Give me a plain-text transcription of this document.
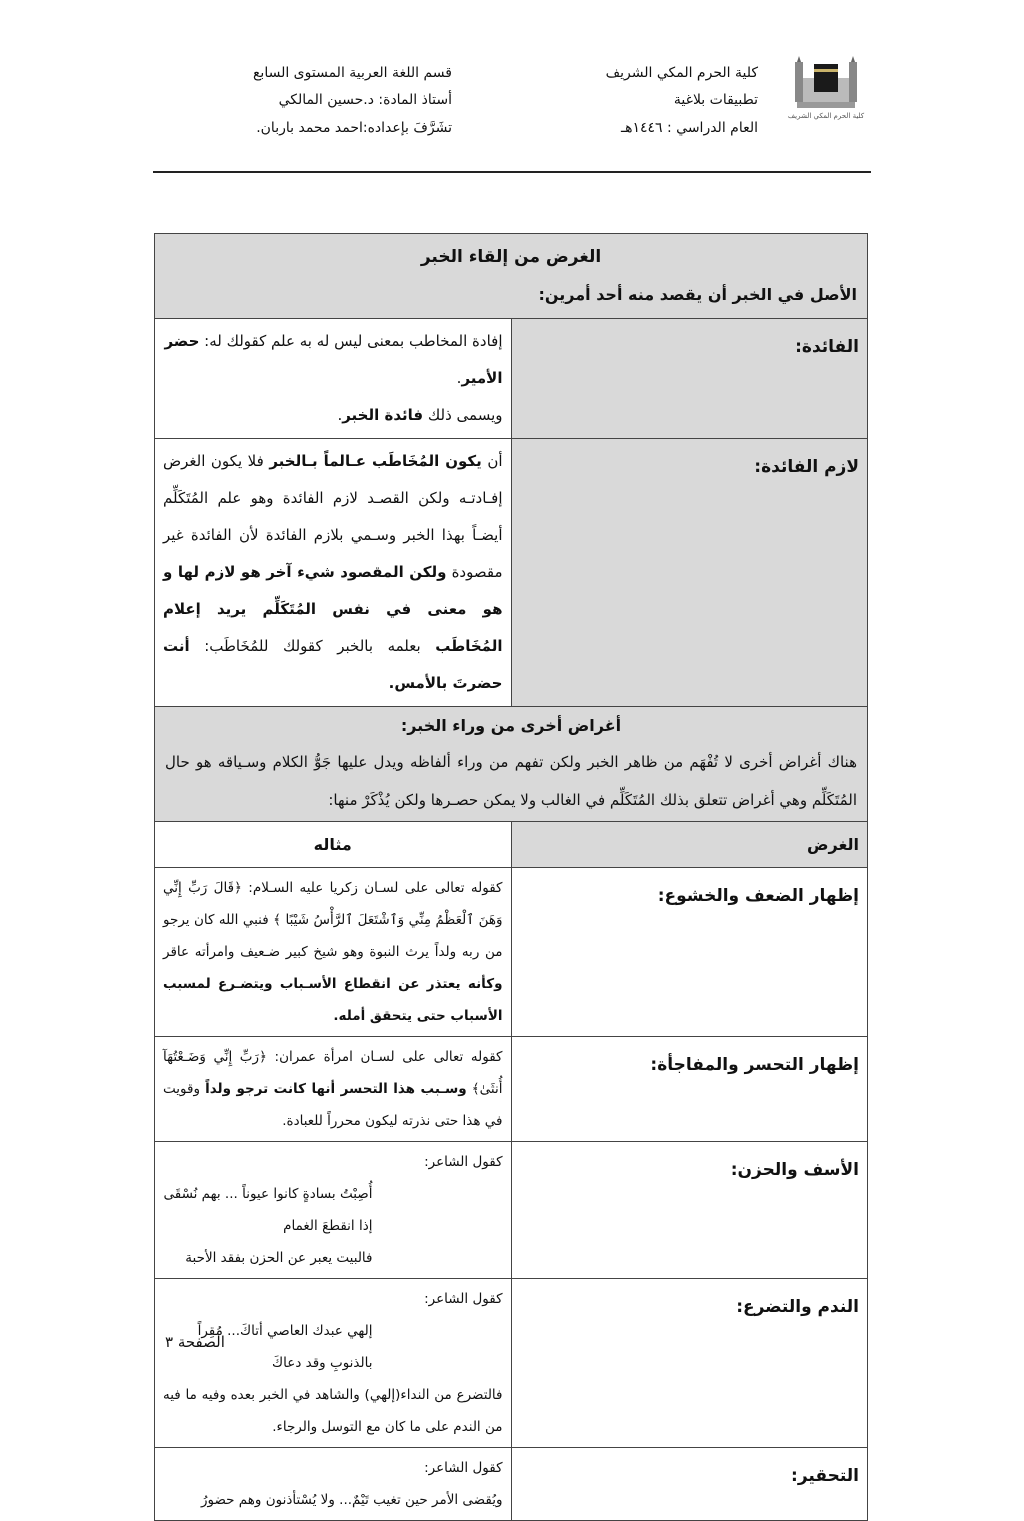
كلية الحرم المكي الشريف
كلية الحرم المكي الشريف
تطبيقات بلاغية
العام الدراسي : ١٤٤٦هـ
قسم اللغة العربية المستوى السابع
أستاذ المادة: د.حسين المالكي
تشَرَّفَ بإعداده:احمد محمد باربان.
الغرض من إلقاء الخبر
الأصل في الخبر أن يقصد منه أحد أمرين:	

الفائدة:	إفادة المخاطب بمعنى ليس له به علم كقولك له: حضر الأمير.
ويسمى ذلك فائدة الخبر.

لازم الفائدة:	أن يكون المُخَاطَب عـالماً بـالخبر فلا يكون الغرض إفـادتـه ولكن القصـد لازم الفائدة وهو علم المُتَكَلِّم أيضـاً بهذا الخبر وسـمي بلازم الفائدة لأن الفائدة غير مقصودة ولكن المقصود شيء آخر هو لازم لها و هو معنى في نفس المُتَكَلِّم يريد إعلام المُخَاطَب بعلمه بالخبر كقولك للمُخَاطَب: أنت حضرتَ بالأمس.

أغراض أخرى من وراء الخبر:
هناك أغراض أخرى لا تُفْهَم من ظاهر الخبر ولكن تفهم من وراء ألفاظه ويدل عليها جَوُّ الكلام وسـياقه هو حال المُتَكَلِّم وهي أغراض تتعلق بذلك المُتَكَلِّم في الغالب ولا يمكن حصـرها ولكن يُذْكَرْ منها:	

الغرض	مثاله
إظهار الضعف والخشوع:	كقوله تعالى على لسـان زكريا عليه السـلام: ﴿قَالَ رَبِّ إِنِّي وَهَنَ ٱلْعَظْمُ مِنِّي وَٱشْتَعَلَ ٱلرَّأْسُ شَيْبًا ﴾ فنبي الله كان يرجو من ربه ولداً يرث النبوة وهو شيخ كبير ضـعيف وامرأته عاقر وكأنه يعتذر عن انقطاع الأسـباب ويتضـرع لمسبب الأسباب حتى يتحقق أمله.
إظهار التحسر والمفاجأة:	كقوله تعالى على لسـان امرأة عمران: ﴿رَبِّ إِنِّي وَضَـعْتُهَآ أُنثَىٰ﴾ وسـبب هذا التحسر أنها كانت ترجو ولداً وقويت في هذا حتى نذرته ليكون محرراً للعبادة.
الأسف والحزن:	كقول الشاعر:
أُصِبْتُ بسادةٍ كانوا عيوناً ... بهم نُسْقَى إذا انقطعَ الغمام
فالبيت يعبر عن الحزن بفقد الأحبة

الندم والتضرع:	كقول الشاعر:
إلهي عبدك العاصي أتاكَ... مُقِراً بالذنوبِ وقد دعاكَ
فالتضرع من النداء(إلهي) والشاهد في الخبر بعده وفيه ما فيه من الندم على ما كان مع التوسل والرجاء.

التحقير:	كقول الشاعر:
ويُقضى الأمر حين تغيب تَيْمٌ... ولا يُسْتأذنون وهم حضورُ
الصفحة ٣
